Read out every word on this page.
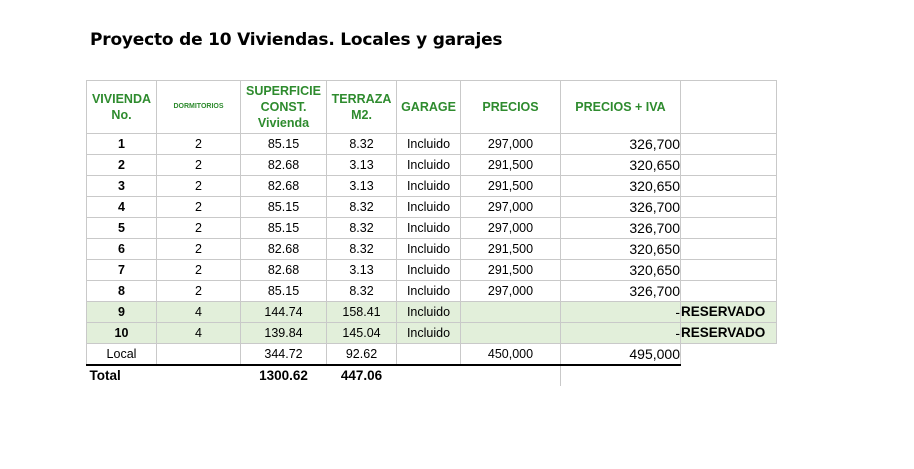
Proyecto de 10 Viviendas. Locales y garajes
VIVIENDA No.	DORMITORIOS	SUPERFICIE CONST. Vivienda	TERRAZA M2.	GARAGE	PRECIOS	PRECIOS + IVA	
1	2	85.15	8.32	Incluido	297,000	326,700	
2	2	82.68	3.13	Incluido	291,500	320,650	
3	2	82.68	3.13	Incluido	291,500	320,650	
4	2	85.15	8.32	Incluido	297,000	326,700	
5	2	85.15	8.32	Incluido	297,000	326,700	
6	2	82.68	8.32	Incluido	291,500	320,650	
7	2	82.68	3.13	Incluido	291,500	320,650	
8	2	85.15	8.32	Incluido	297,000	326,700	
9	4	144.74	158.41	Incluido		-	RESERVADO
10	4	139.84	145.04	Incluido		-	RESERVADO
Local		344.72	92.62		450,000	495,000	
Total		1300.62	447.06				
